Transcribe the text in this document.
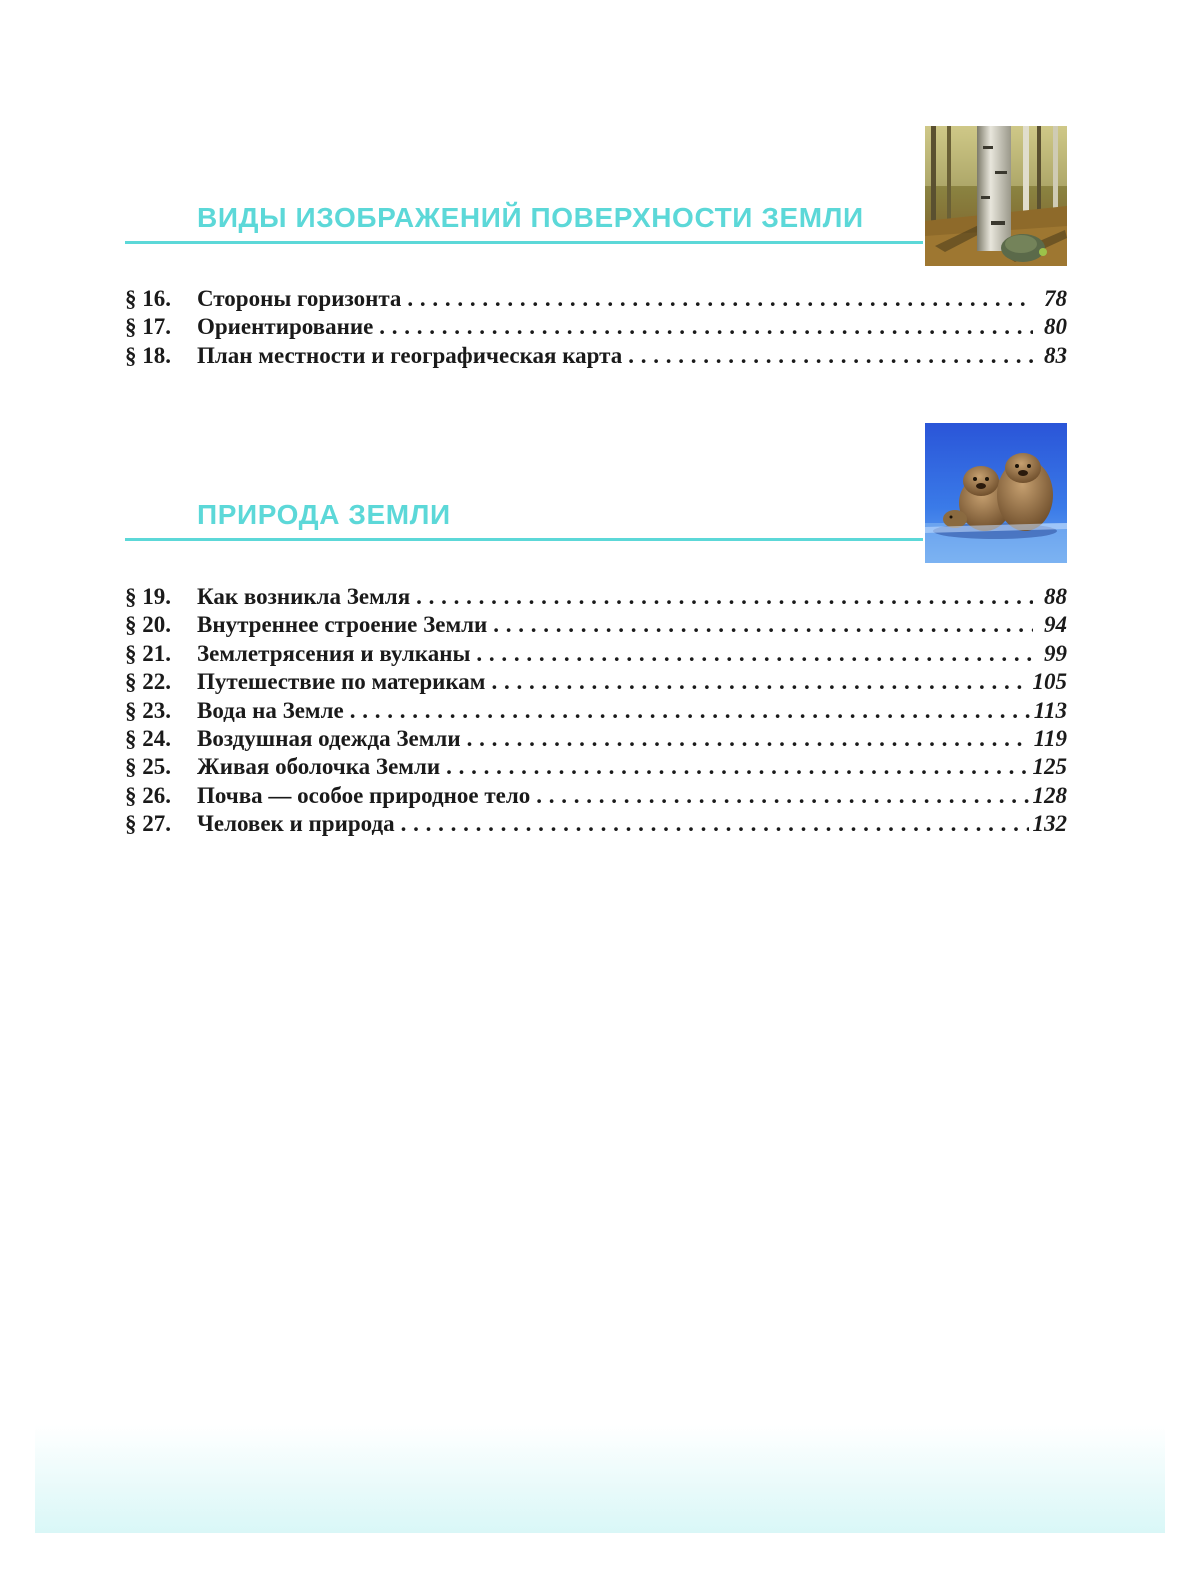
ВИДЫ ИЗОБРАЖЕНИЙ ПОВЕРХНОСТИ ЗЕМЛИ
§ 16.	Стороны горизонта . . .	78
§ 17.	Ориентирование . . .	80
§ 18.	План местности и географическая карта . . .	83
ПРИРОДА ЗЕМЛИ
§ 19.	Как возникла Земля . . .	88
§ 20.	Внутреннее строение Земли . . .	94
§ 21.	Землетрясения и вулканы . . .	99
§ 22.	Путешествие по материкам . . .	105
§ 23.	Вода на Земле . . .	113
§ 24.	Воздушная одежда Земли . . .	119
§ 25.	Живая оболочка Земли . . .	125
§ 26.	Почва — особое природное тело . . .	128
§ 27.	Человек и природа . . .	132
